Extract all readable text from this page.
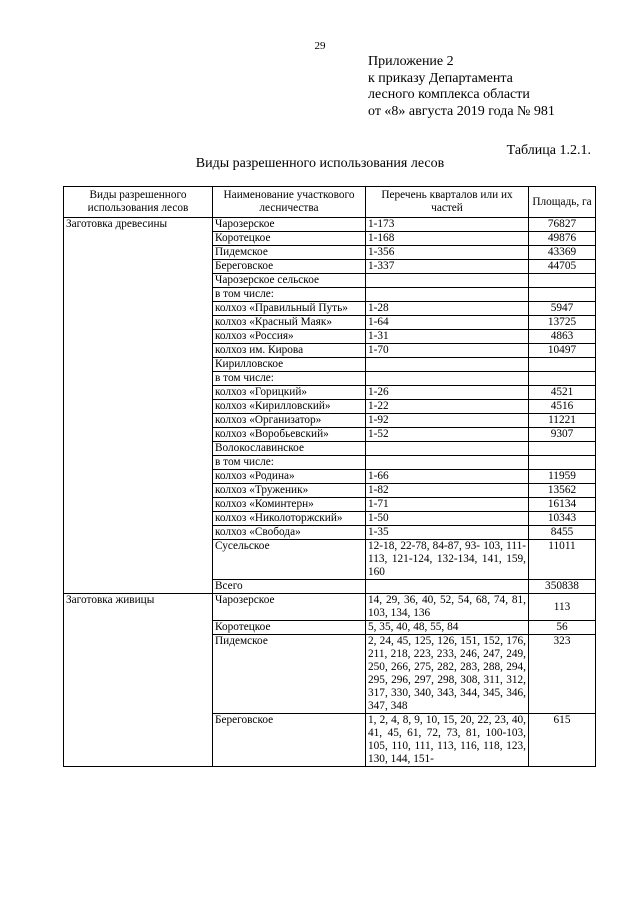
29
Приложение 2
к приказу Департамента
лесного комплекса области
от «8» августа 2019 года № 981
Таблица 1.2.1.
Виды разрешенного использования лесов
Виды разрешенного использования лесов	Наименование участкового лесничества	Перечень кварталов или их частей	Площадь, га
Заготовка древесины	Чарозерское	1-173	76827
	Коротецкое	1-168	49876
	Пидемское	1-356	43369
	Береговское	1-337	44705
	Чарозерское сельское		
	в том числе:		
	колхоз «Правильный Путь»	1-28	5947
	колхоз «Красный Маяк»	1-64	13725
	колхоз «Россия»	1-31	4863
	колхоз им. Кирова	1-70	10497
	Кирилловское		
	в том числе:		
	колхоз «Горицкий»	1-26	4521
	колхоз «Кирилловский»	1-22	4516
	колхоз «Организатор»	1-92	11221
	колхоз «Воробьевский»	1-52	9307
	Волокославинское		
	в том числе:		
	колхоз «Родина»	1-66	11959
	колхоз «Труженик»	1-82	13562
	колхоз «Коминтерн»	1-71	16134
	колхоз «Николоторжский»	1-50	10343
	колхоз «Свобода»	1-35	8455
	Сусельское	12-18, 22-78, 84-87, 93- 103, 111-113, 121-124, 132-134, 141, 159, 160	11011
	Всего		350838
Заготовка живицы	Чарозерское	14, 29, 36, 40, 52, 54, 68, 74, 81, 103, 134, 136	113
	Коротецкое	5, 35, 40, 48, 55, 84	56
	Пидемское	2, 24, 45, 125, 126, 151, 152, 176, 211, 218, 223, 233, 246, 247, 249, 250, 266, 275, 282, 283, 288, 294, 295, 296, 297, 298, 308, 311, 312, 317, 330, 340, 343, 344, 345, 346, 347, 348	323
	Береговское	1, 2, 4, 8, 9, 10, 15, 20, 22, 23, 40, 41, 45, 61, 72, 73, 81, 100-103, 105, 110, 111, 113, 116, 118, 123, 130, 144, 151-	615
